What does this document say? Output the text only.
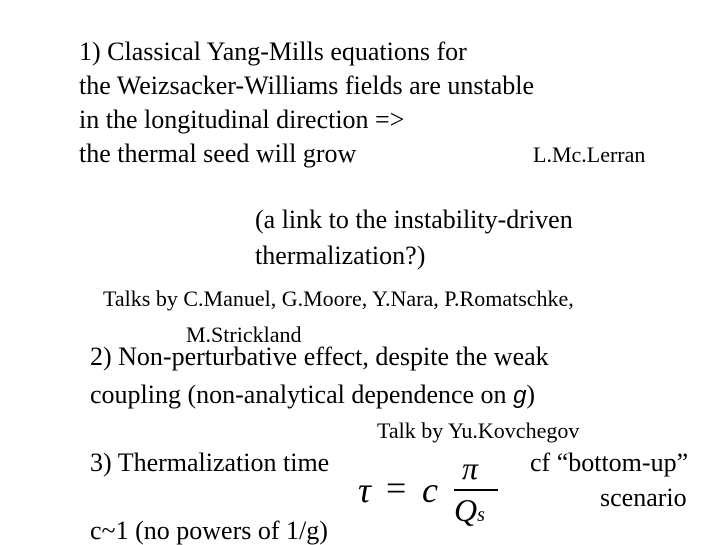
1) Classical Yang-Mills equations for
the Weizsacker-Williams fields are unstable
in the longitudinal direction =>
the thermal seed will grow	L.Mc.Lerran
(a link to the instability-driven
thermalization?)
Talks by C.Manuel, G.Moore, Y.Nara, P.Romatschke,
M.Strickland
2) Non-perturbative effect, despite the weak
coupling (non-analytical dependence on g)
Talk by Yu.Kovchegov
3) Thermalization time
τ = c
π
Qs
cf “bottom-up”
scenario
c~1 (no powers of 1/g)
